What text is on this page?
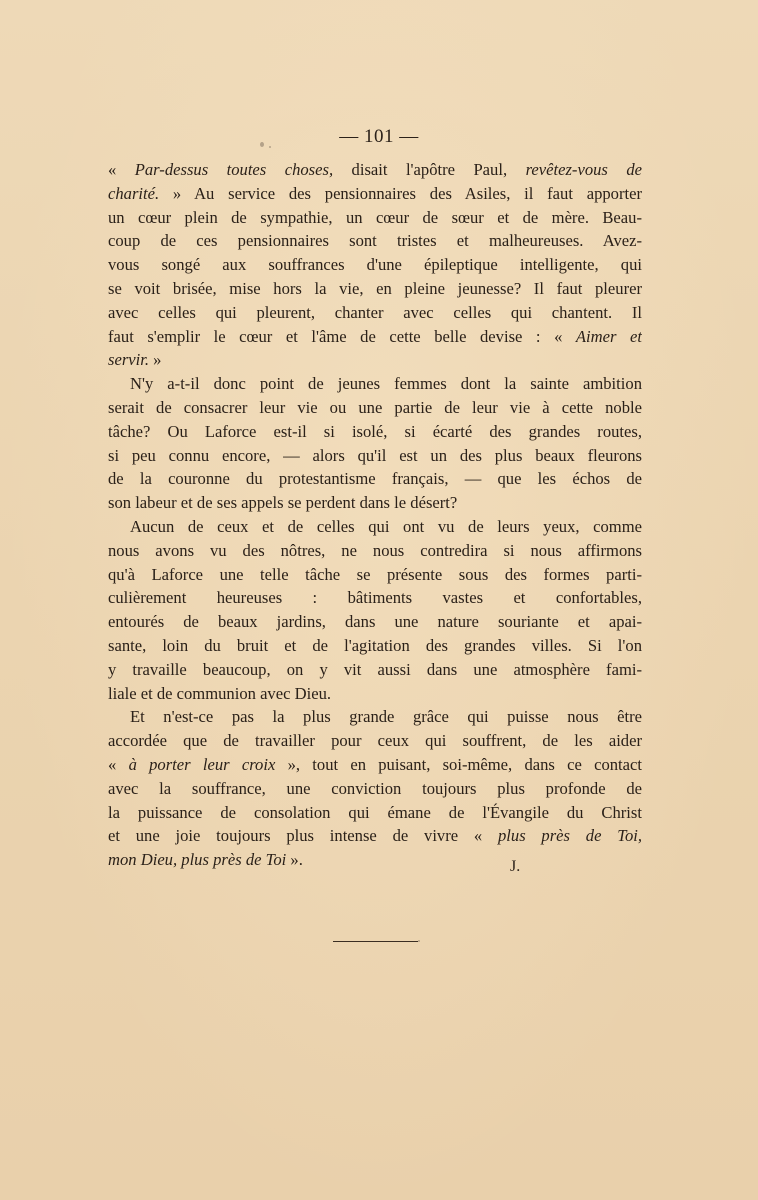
— 101 —
« Par-dessus toutes choses, disait l'apôtre Paul, revêtez-vous de
charité. » Au service des pensionnaires des Asiles, il faut apporter
un cœur plein de sympathie, un cœur de sœur et de mère. Beau-
coup de ces pensionnaires sont tristes et malheureuses. Avez-
vous songé aux souffrances d'une épileptique intelligente, qui
se voit brisée, mise hors la vie, en pleine jeunesse? Il faut pleurer
avec celles qui pleurent, chanter avec celles qui chantent. Il
faut s'emplir le cœur et l'âme de cette belle devise : « Aimer et
servir. »
N'y a-t-il donc point de jeunes femmes dont la sainte ambition
serait de consacrer leur vie ou une partie de leur vie à cette noble
tâche? Ou Laforce est-il si isolé, si écarté des grandes routes,
si peu connu encore, — alors qu'il est un des plus beaux fleurons
de la couronne du protestantisme français, — que les échos de
son labeur et de ses appels se perdent dans le désert?
Aucun de ceux et de celles qui ont vu de leurs yeux, comme
nous avons vu des nôtres, ne nous contredira si nous affirmons
qu'à Laforce une telle tâche se présente sous des formes parti-
culièrement heureuses : bâtiments vastes et confortables,
entourés de beaux jardins, dans une nature souriante et apai-
sante, loin du bruit et de l'agitation des grandes villes. Si l'on
y travaille beaucoup, on y vit aussi dans une atmosphère fami-
liale et de communion avec Dieu.
Et n'est-ce pas la plus grande grâce qui puisse nous être
accordée que de travailler pour ceux qui souffrent, de les aider
« à porter leur croix », tout en puisant, soi-même, dans ce contact
avec la souffrance, une conviction toujours plus profonde de
la puissance de consolation qui émane de l'Évangile du Christ
et une joie toujours plus intense de vivre « plus près de Toi,
mon Dieu, plus près de Toi ».	J.
